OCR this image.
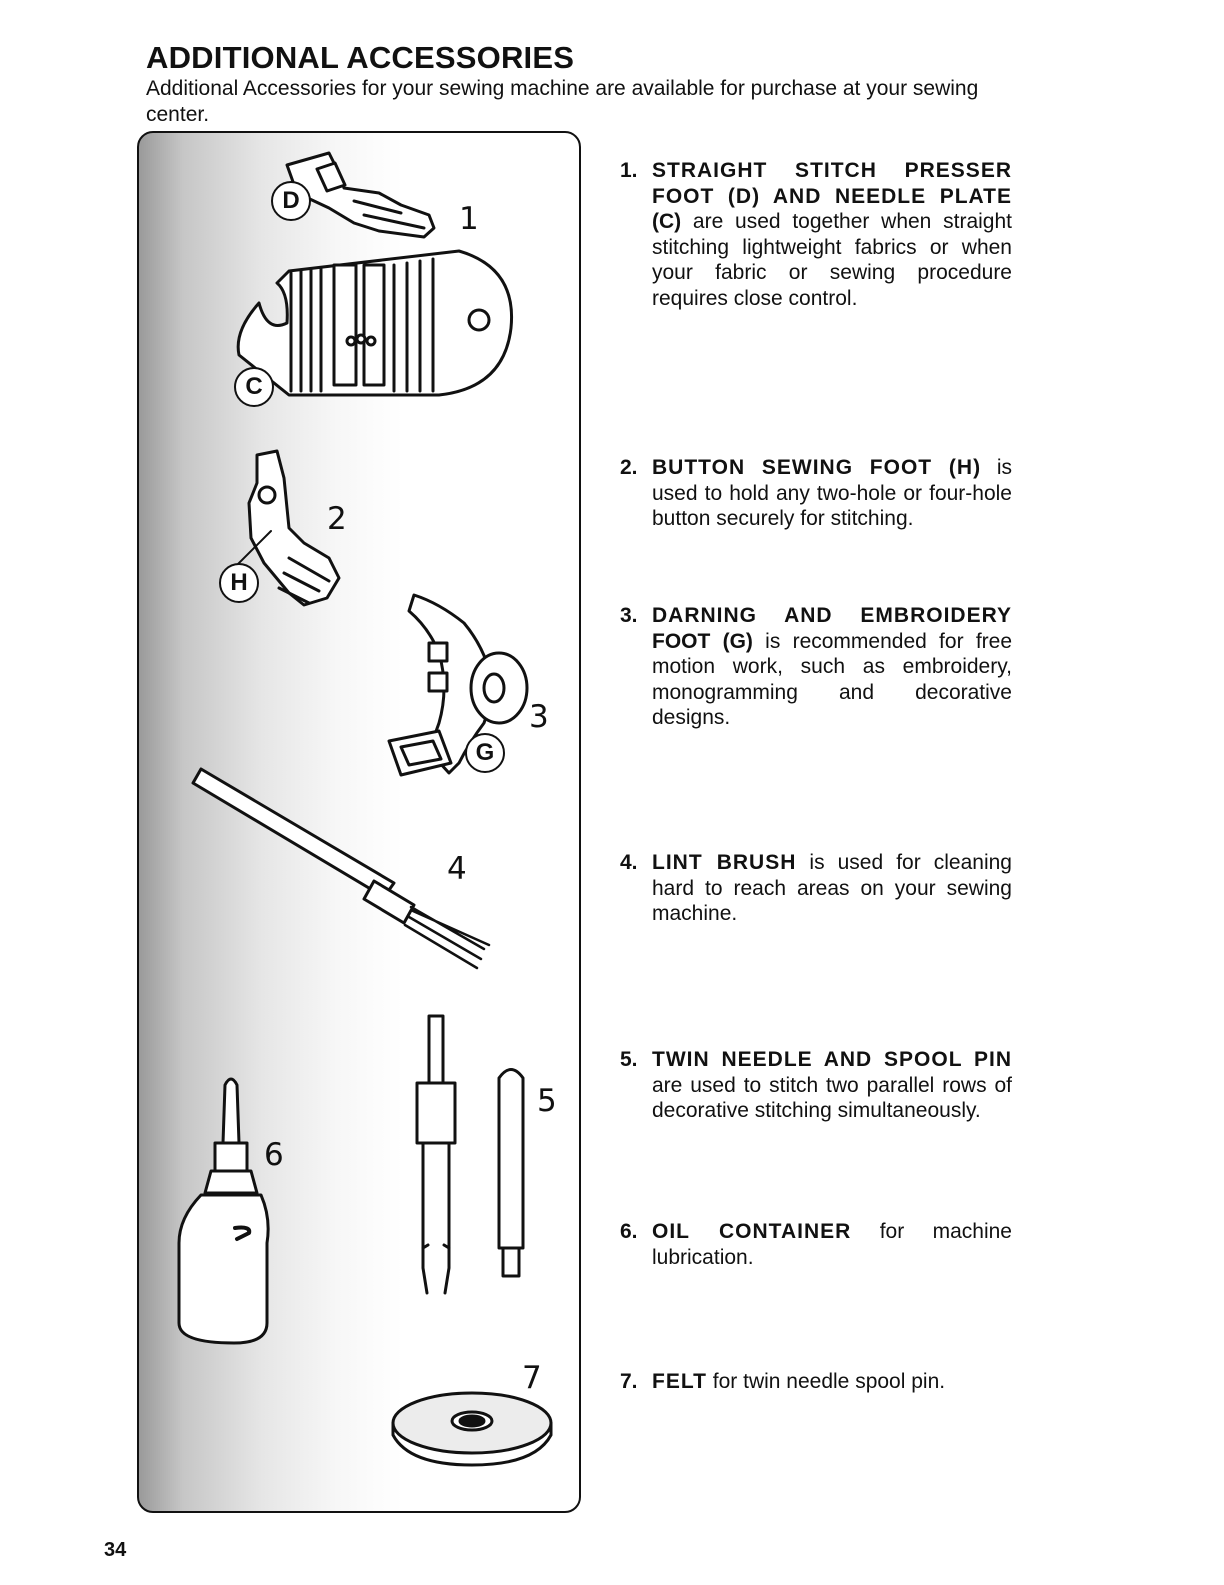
ADDITIONAL ACCESSORIES

Additional Accessories for your sewing machine are available for purchase at your sewing center.

1
2
3
4
5
6
7
D
C
H
G
1. STRAIGHT STITCH PRESSER FOOT (D) AND NEEDLE PLATE (C) are used together when straight stitching lightweight fabrics or when your fabric or sewing procedure requires close control.
2. BUTTON SEWING FOOT (H) is used to hold any two-hole or four-hole button securely for stitching.
3. DARNING AND EMBROIDERY FOOT (G) is recommended for free motion work, such as embroidery, monogramming and decorative designs.
4. LINT BRUSH is used for cleaning hard to reach areas on your sewing machine.
5. TWIN NEEDLE AND SPOOL PIN are used to stitch two parallel rows of decorative stitching simultaneously.
6. OIL CONTAINER for machine lubrication.
7. FELT for twin needle spool pin.
34
